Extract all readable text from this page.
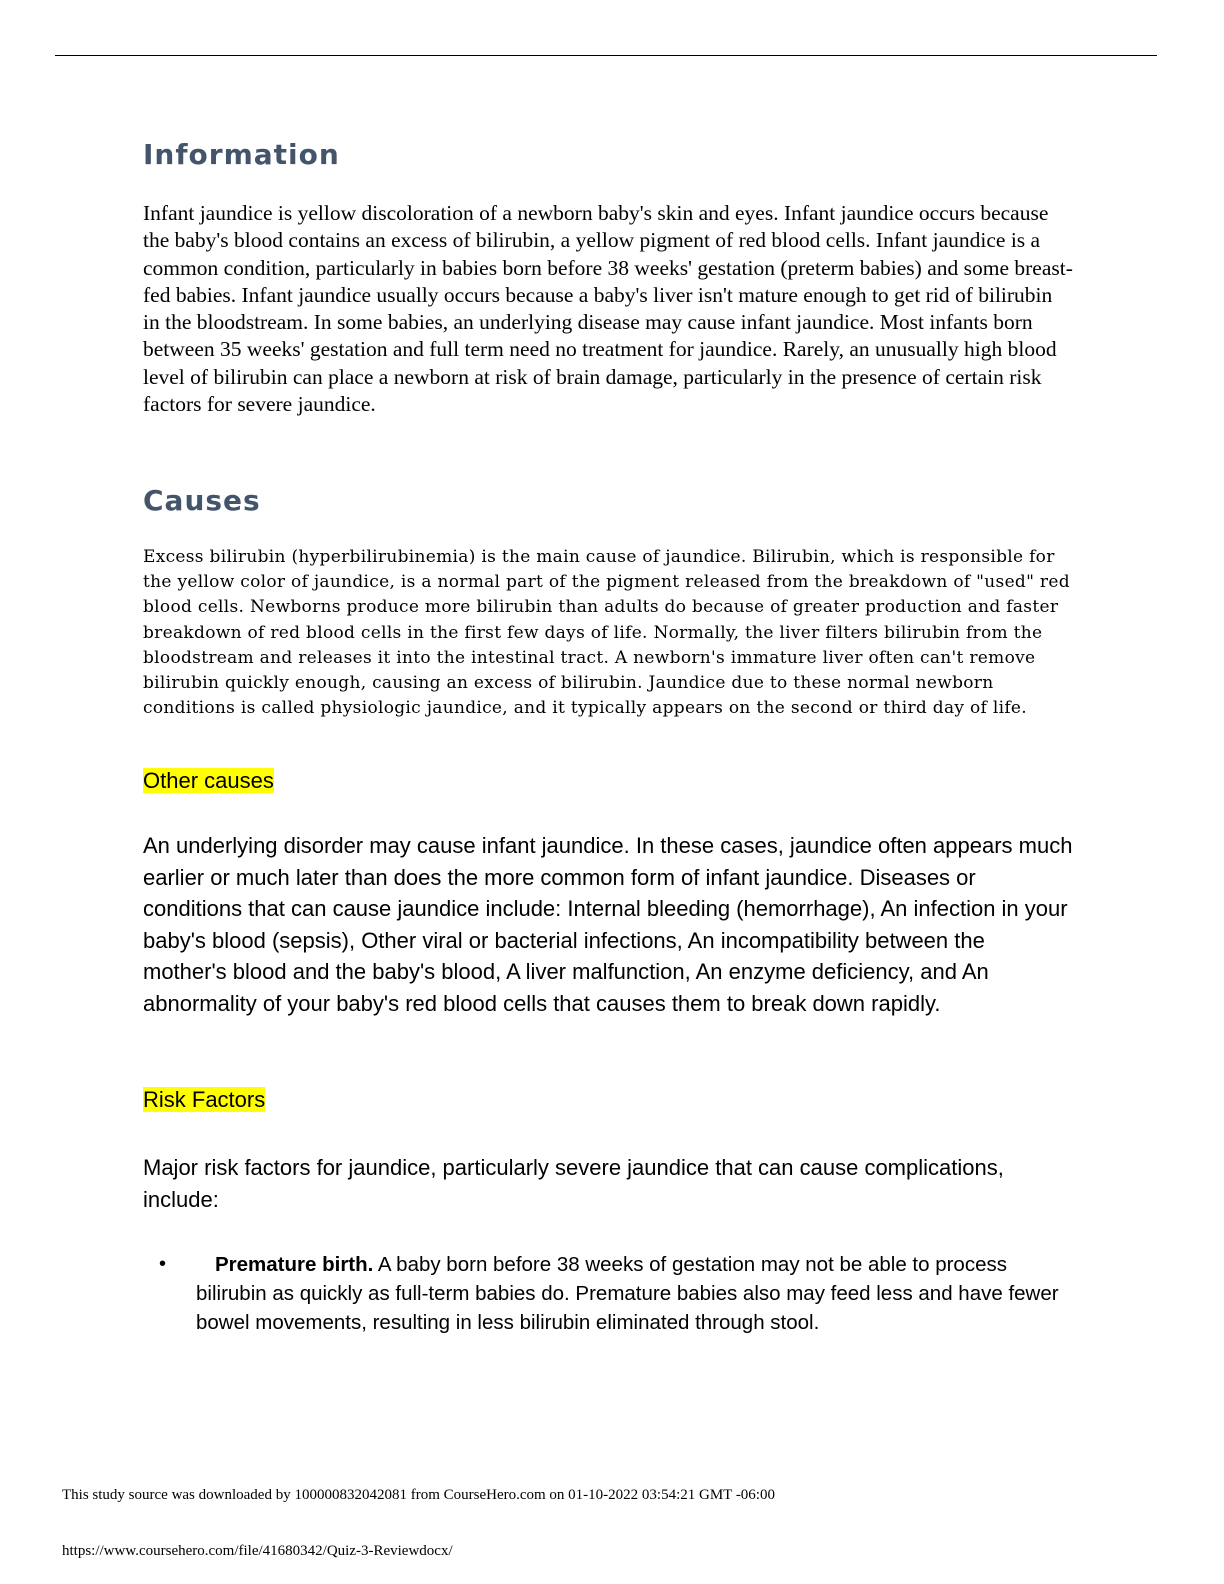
Information

Infant jaundice is yellow discoloration of a newborn baby's skin and eyes. Infant jaundice occurs because the baby's blood contains an excess of bilirubin, a yellow pigment of red blood cells. Infant jaundice is a common condition, particularly in babies born before 38 weeks' gestation (preterm babies) and some breast-fed babies. Infant jaundice usually occurs because a baby's liver isn't mature enough to get rid of bilirubin in the bloodstream. In some babies, an underlying disease may cause infant jaundice. Most infants born between 35 weeks' gestation and full term need no treatment for jaundice. Rarely, an unusually high blood level of bilirubin can place a newborn at risk of brain damage, particularly in the presence of certain risk factors for severe jaundice.

Causes

Excess bilirubin (hyperbilirubinemia) is the main cause of jaundice. Bilirubin, which is responsible for the yellow color of jaundice, is a normal part of the pigment released from the breakdown of "used" red blood cells. Newborns produce more bilirubin than adults do because of greater production and faster breakdown of red blood cells in the first few days of life. Normally, the liver filters bilirubin from the bloodstream and releases it into the intestinal tract. A newborn's immature liver often can't remove bilirubin quickly enough, causing an excess of bilirubin. Jaundice due to these normal newborn conditions is called physiologic jaundice, and it typically appears on the second or third day of life.

Other causes

An underlying disorder may cause infant jaundice. In these cases, jaundice often appears much earlier or much later than does the more common form of infant jaundice. Diseases or conditions that can cause jaundice include: Internal bleeding (hemorrhage), An infection in your baby's blood (sepsis), Other viral or bacterial infections, An incompatibility between the mother's blood and the baby's blood, A liver malfunction, An enzyme deficiency, and An abnormality of your baby's red blood cells that causes them to break down rapidly.

Risk Factors

Major risk factors for jaundice, particularly severe jaundice that can cause complications, include:

• Premature birth. A baby born before 38 weeks of gestation may not be able to process bilirubin as quickly as full-term babies do. Premature babies also may feed less and have fewer bowel movements, resulting in less bilirubin eliminated through stool.

This study source was downloaded by 100000832042081 from CourseHero.com on 01-10-2022 03:54:21 GMT -06:00

https://www.coursehero.com/file/41680342/Quiz-3-Reviewdocx/
